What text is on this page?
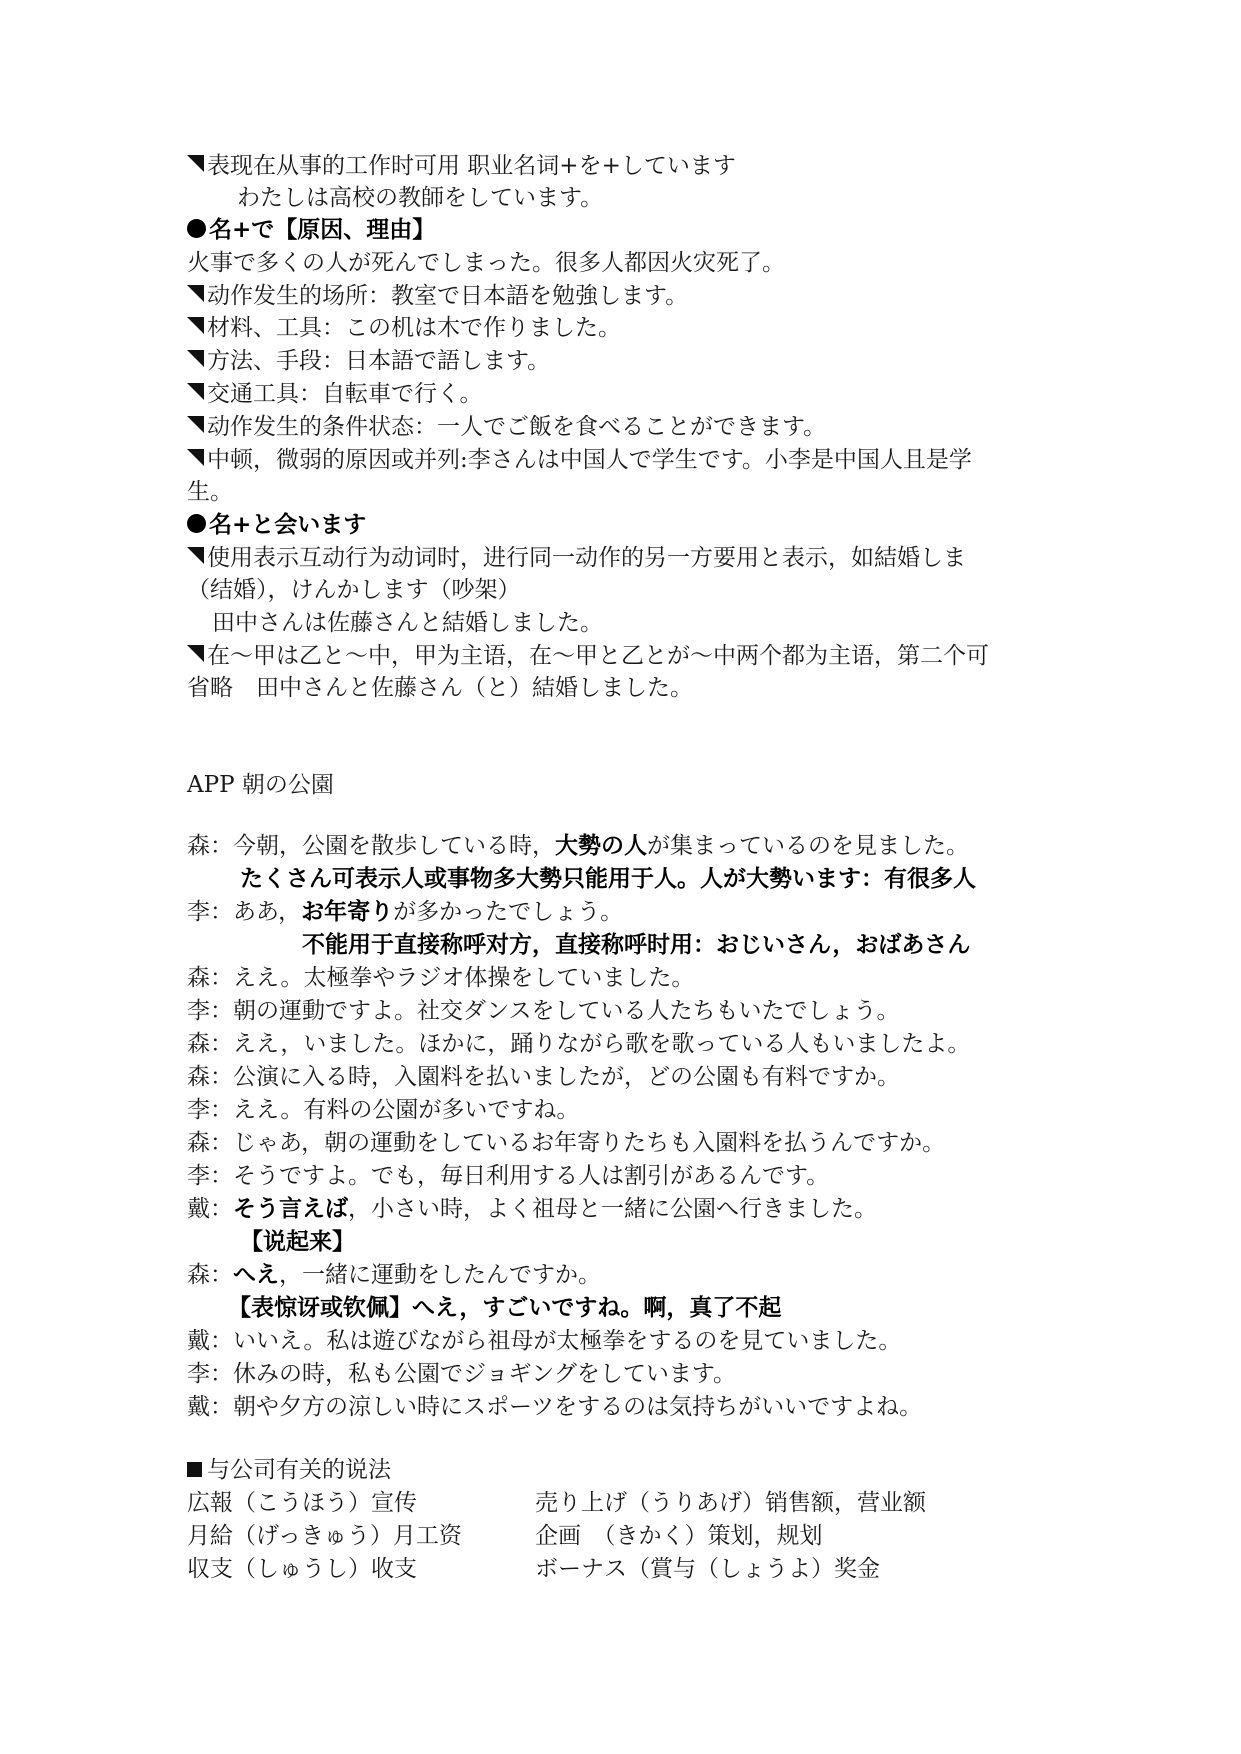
表现在从事的工作时可用 职业名词+を+しています
わたしは高校の教師をしています。
名+で【原因、理由】
火事で多くの人が死んでしまった。很多人都因火灾死了。
动作发生的场所：教室で日本語を勉強します。
材料、工具：この机は木で作りました。
方法、手段：日本語で語します。
交通工具：自転車で行く。
动作发生的条件状态：一人でご飯を食べることができます。
中顿，微弱的原因或并列:李さんは中国人で学生です。小李是中国人且是学
生。
名+と会います
使用表示互动行为动词时，进行同一动作的另一方要用と表示，如結婚しま
（结婚），けんかします（吵架）
田中さんは佐藤さんと結婚しました。
在～甲は乙と～中，甲为主语，在～甲と乙とが～中两个都为主语，第二个可
省略　田中さんと佐藤さん（と）結婚しました。
APP 朝の公園
森：今朝，公園を散歩している時，大勢の人が集まっているのを見ました。
たくさん可表示人或事物多大勢只能用于人。人が大勢います：有很多人
李：ああ，お年寄りが多かったでしょう。
不能用于直接称呼对方，直接称呼时用：おじいさん，おばあさん
森：ええ。太極拳やラジオ体操をしていました。
李：朝の運動ですよ。社交ダンスをしている人たちもいたでしょう。
森：ええ，いました。ほかに，踊りながら歌を歌っている人もいましたよ。
森：公演に入る時，入園料を払いましたが，どの公園も有料ですか。
李：ええ。有料の公園が多いですね。
森：じゃあ，朝の運動をしているお年寄りたちも入園料を払うんですか。
李：そうですよ。でも，毎日利用する人は割引があるんです。
戴：そう言えば，小さい時，よく祖母と一緒に公園へ行きました。
【说起来】
森：へえ，一緒に運動をしたんですか。
【表惊讶或钦佩】へえ，すごいですね。啊，真了不起
戴：いいえ。私は遊びながら祖母が太極拳をするのを見ていました。
李：休みの時，私も公園でジョギングをしています。
戴：朝や夕方の涼しい時にスポーツをするのは気持ちがいいですよね。
与公司有关的说法
広報（こうほう）宣传	売り上げ（うりあげ）销售额，营业额
月給（げっきゅう）月工资	企画　（きかく）策划，规划
収支（しゅうし）收支	ボーナス（賞与（しょうよ）奖金
